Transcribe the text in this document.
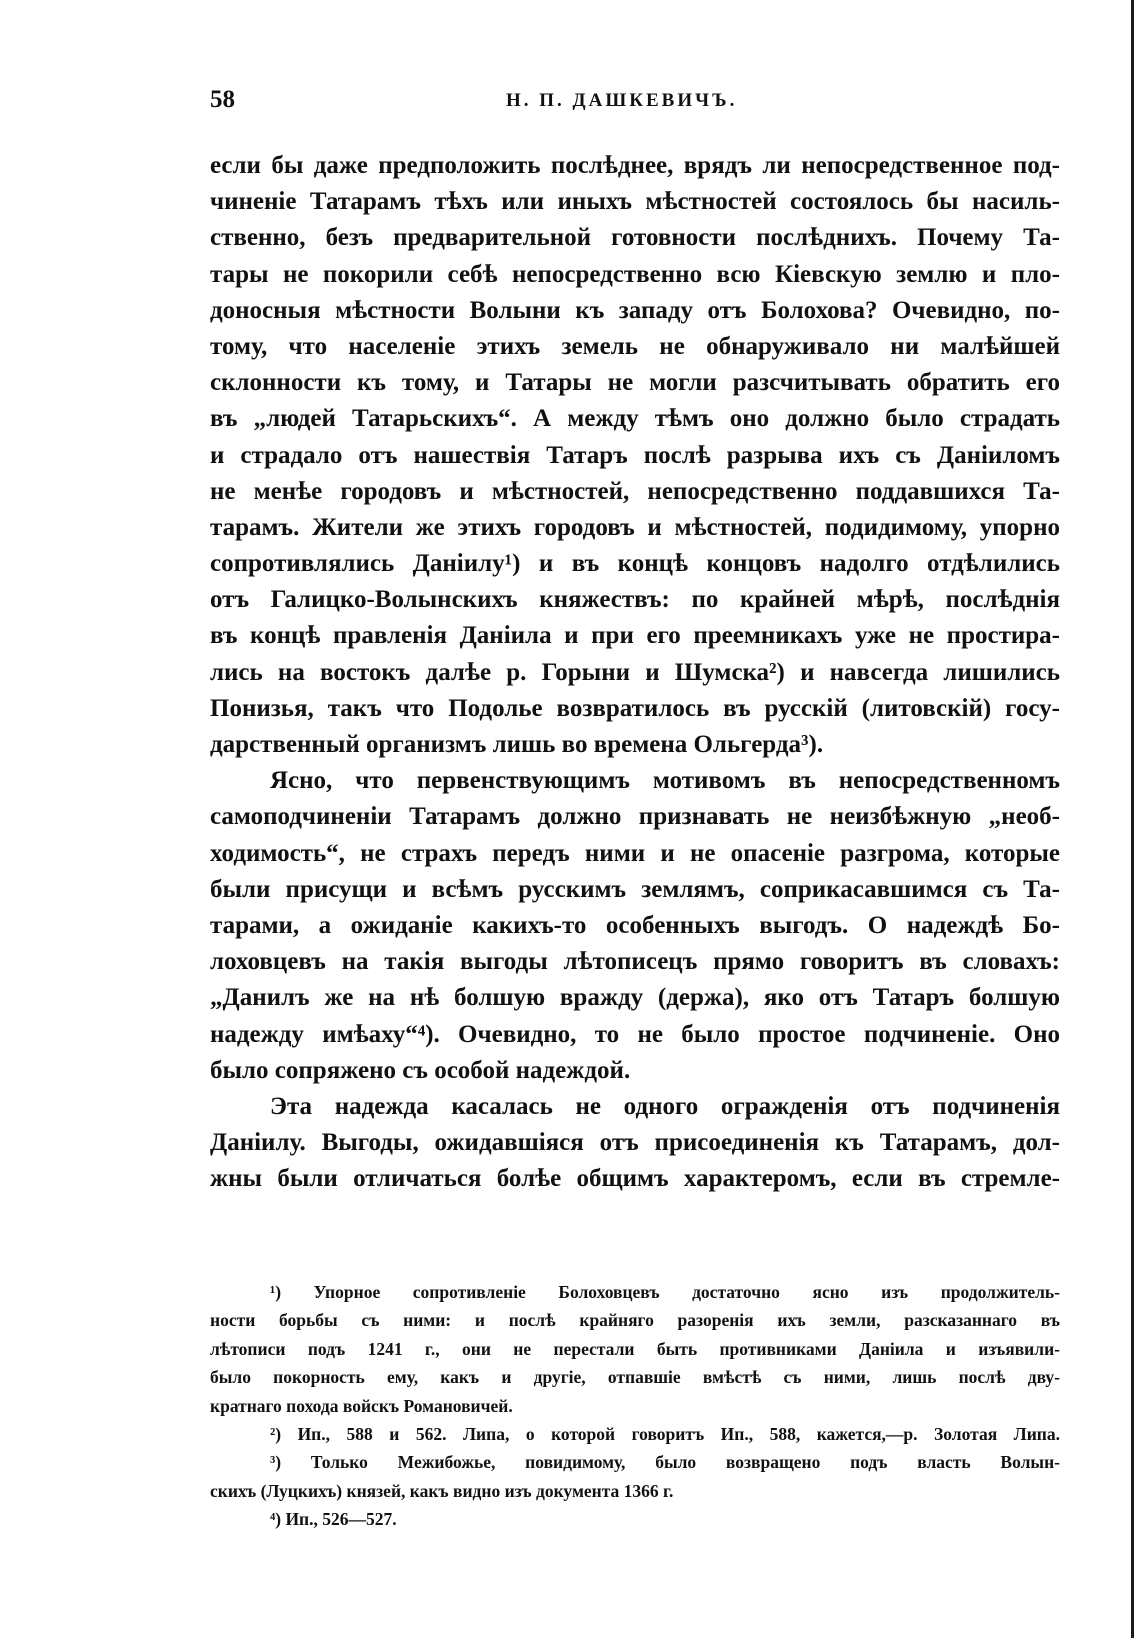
58	Н. П. ДАШКЕВИЧЪ.
если бы даже предположить послѣднее, врядъ ли непосредственное под-
чиненіе Татарамъ тѣхъ или иныхъ мѣстностей состоялось бы насиль-
ственно, безъ предварительной готовности послѣднихъ. Почему Та-
тары не покорили себѣ непосредственно всю Кіевскую землю и пло-
доносныя мѣстности Волыни къ западу отъ Болохова? Очевидно, по-
тому, что населеніе этихъ земель не обнаруживало ни малѣйшей
склонности къ тому, и Татары не могли разсчитывать обратить его
въ „людей Татарьскихъ“. А между тѣмъ оно должно было страдать
и страдало отъ нашествія Татаръ послѣ разрыва ихъ съ Даніиломъ
не менѣе городовъ и мѣстностей, непосредственно поддавшихся Та-
тарамъ. Жители же этихъ городовъ и мѣстностей, подидимому, упорно
сопротивлялись Даніилу¹) и въ концѣ концовъ надолго отдѣлились
отъ Галицко-Волынскихъ княжествъ: по крайней мѣрѣ, послѣднія
въ концѣ правленія Даніила и при его преемникахъ уже не простира-
лись на востокъ далѣе р. Горыни и Шумска²) и навсегда лишились
Понизья, такъ что Подолье возвратилось въ русскій (литовскій) госу-
дарственный организмъ лишь во времена Ольгерда³).
Ясно, что первенствующимъ мотивомъ въ непосредственномъ
самоподчиненіи Татарамъ должно признавать не неизбѣжную „необ-
ходимость“, не страхъ передъ ними и не опасеніе разгрома, которые
были присущи и всѣмъ русскимъ землямъ, соприкасавшимся съ Та-
тарами, а ожиданіе какихъ-то особенныхъ выгодъ. О надеждѣ Бо-
лоховцевъ на такія выгоды лѣтописецъ прямо говоритъ въ словахъ:
„Данилъ же на нѣ болшую вражду (держа), яко отъ Татаръ болшую
надежду имѣаху“⁴). Очевидно, то не было простое подчиненіе. Оно
было сопряжено съ особой надеждой.
Эта надежда касалась не одного огражденія отъ подчиненія
Даніилу. Выгоды, ожидавшіяся отъ присоединенія къ Татарамъ, дол-
жны были отличаться болѣе общимъ характеромъ, если въ стремле-
¹) Упорное сопротивленіе Болоховцевъ достаточно ясно изъ продолжитель-
ности борьбы съ ними: и послѣ крайняго разоренія ихъ земли, разсказаннаго въ
лѣтописи подъ 1241 г., они не перестали быть противниками Даніила и изъявили-
было покорность ему, какъ и другіе, отпавшіе вмѣстѣ съ ними, лишь послѣ дву-
кратнаго похода войскъ Романовичей.
²) Ип., 588 и 562. Липа, о которой говоритъ Ип., 588, кажется,—р. Золотая Липа.
³) Только Межибожье, повидимому, было возвращено подъ власть Волын-
скихъ (Луцкихъ) князей, какъ видно изъ документа 1366 г.
⁴) Ип., 526—527.
